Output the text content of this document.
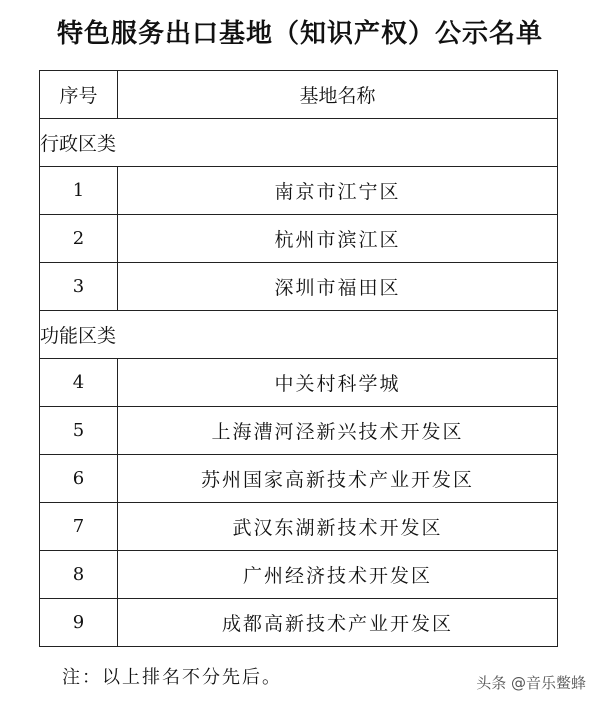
特色服务出口基地（知识产权）公示名单
序号	基地名称
行政区类	
1	南京市江宁区
2	杭州市滨江区
3	深圳市福田区
功能区类	
4	中关村科学城
5	上海漕河泾新兴技术开发区
6	苏州国家高新技术产业开发区
7	武汉东湖新技术开发区
8	广州经济技术开发区
9	成都高新技术产业开发区
注：以上排名不分先后。	头条 @音乐鳖蜂
